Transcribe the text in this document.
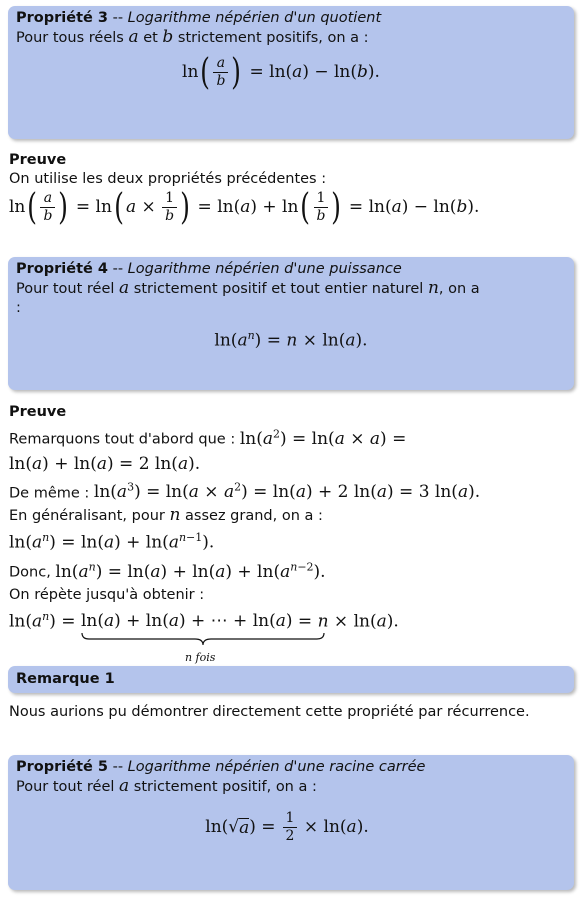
Propriété 3 -- Logarithme népérien d'un quotient
Pour tous réels a et b strictement positifs, on a :
ln ( $\frac{a}{b}$ ) = ln( a ) − ln( b ).
Preuve
On utilise les deux propriétés précédentes :
ln ( $\frac{a}{b}$ ) = ln ( $a \times \frac{1}{b}$ ) = ln( a ) + ln ( $\frac{1}{b}$ ) = ln( a ) − ln( b ).
Propriété 4 -- Logarithme népérien d'une puissance
Pour tout réel a strictement positif et tout entier naturel n, on a
:
$\ln(a^n) = n \times \ln(a)$.
Preuve
Remarquons tout d'abord que : $\ln(a^2) = \ln(a \times a)$ =
ln(a) + ln(a) = 2 ln(a).
De même : $\ln(a^3) = \ln(a \times a^2) = \ln(a) + 2$ ln(a) = 3 ln(a).
En généralisant, pour n assez grand, on a :
$\ln(a^n) = \ln(a) + \ln(a^{n-1})$.
Donc, $\ln(a^n) = \ln(a) + \ln(a) + \ln(a^{n-2})$.
On répète jusqu'à obtenir :
$\ln(a^n) = \ln(a) + \ln(a)$ + ⋯ + ln(a)
n fois
= n × ln(a).
Remarque 1
Nous aurions pu démontrer directement cette propriété par récurrence.
Propriété 5 -- Logarithme népérien d'une racine carrée
Pour tout réel a strictement positif, on a :
ln(√ a ) = $\frac{1}{2} \times \ln$( a ).
